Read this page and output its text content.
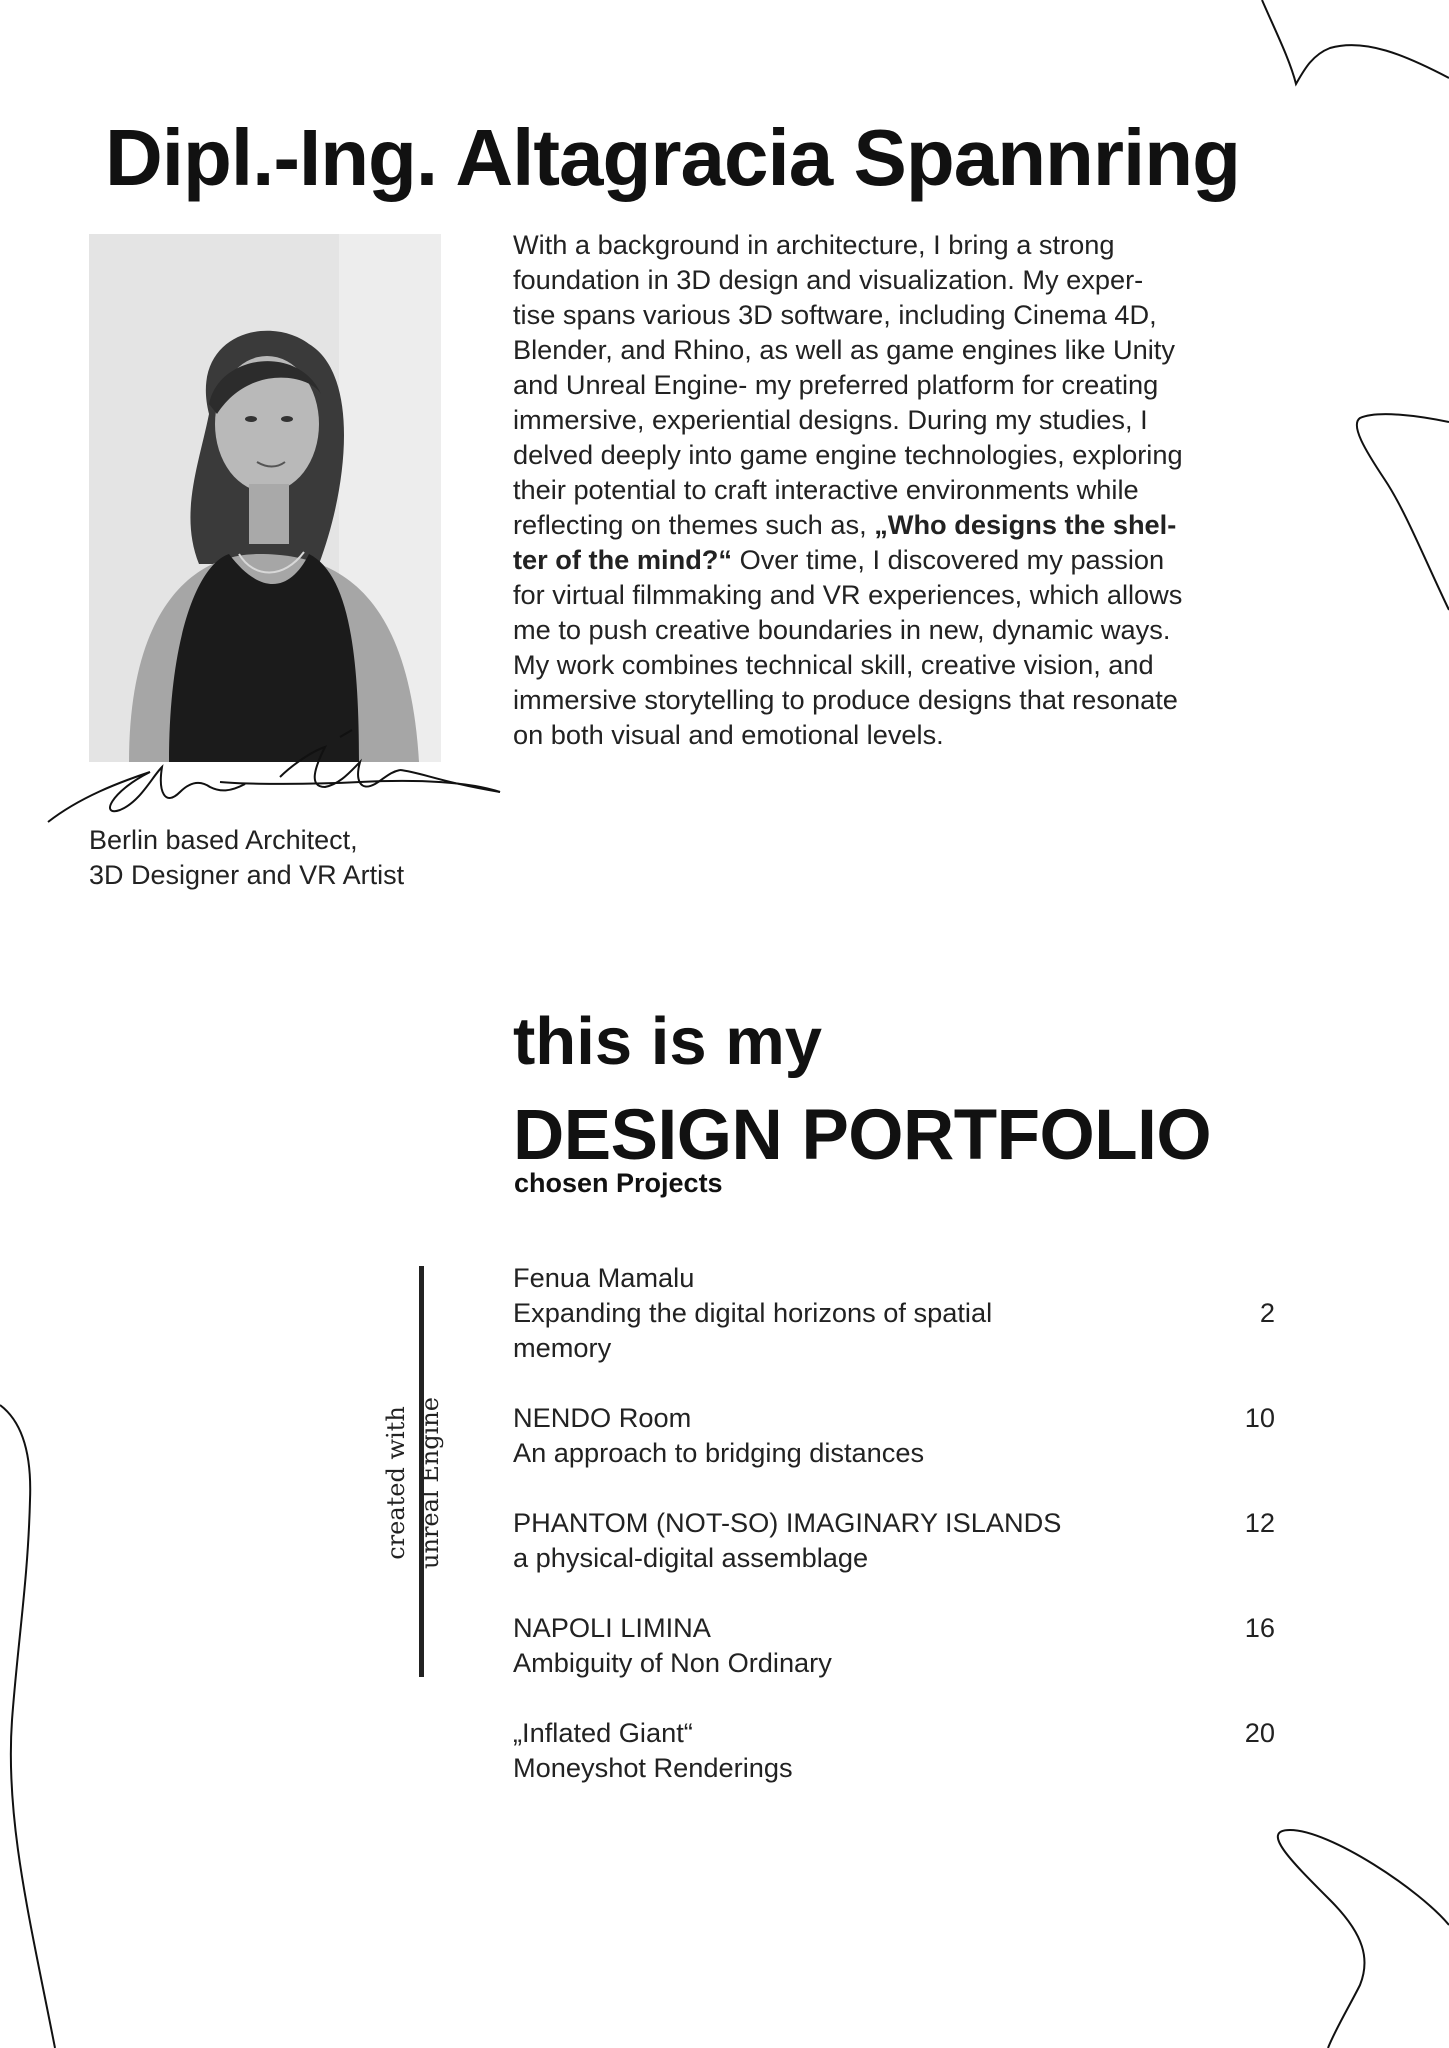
Dipl.-Ing. Altagracia Spannring

Berlin based Architect,
3D Designer and VR Artist

With a background in architecture, I bring a strong
foundation in 3D design and visualization. My exper-
tise spans various 3D software, including Cinema 4D,
Blender, and Rhino, as well as game engines like Unity
and Unreal Engine- my preferred platform for creating
immersive, experiential designs. During my studies, I
delved deeply into game engine technologies, exploring
their potential to craft interactive environments while
reflecting on themes such as, „Who designs the shel-
ter of the mind?“ Over time, I discovered my passion
for virtual filmmaking and VR experiences, which allows
me to push creative boundaries in new, dynamic ways.
My work combines technical skill, creative vision, and
immersive storytelling to produce designs that resonate
on both visual and emotional levels.

this is my

DESIGN PORTFOLIO

chosen Projects

created with unreal Engine
Fenua Mamalu
Expanding the digital horizons of spatial memory
2
NENDO Room
An approach to bridging distances
10
PHANTOM (NOT-SO) IMAGINARY ISLANDS
a physical-digital assemblage
12
NAPOLI LIMINA
Ambiguity of Non Ordinary
16
„Inflated Giant“
Moneyshot Renderings
20
